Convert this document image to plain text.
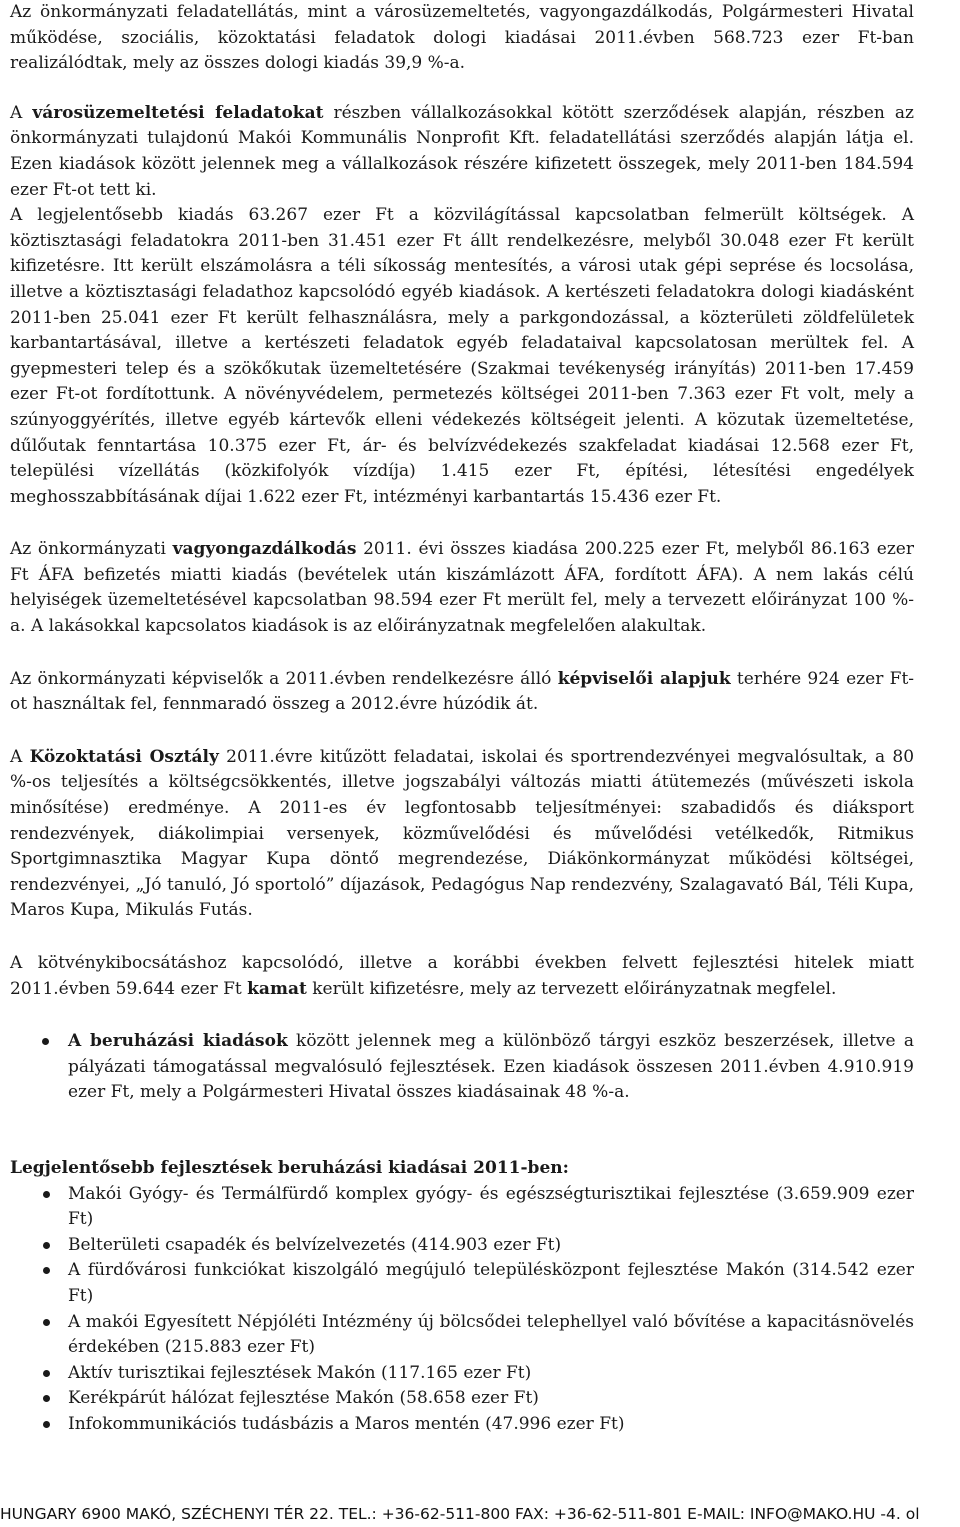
Az önkormányzati feladatellátás, mint a városüzemeltetés, vagyongazdálkodás, Polgármesteri Hivatal működése, szociális, közoktatási feladatok dologi kiadásai 2011.évben 568.723 ezer Ft-ban realizálódtak, mely az összes dologi kiadás 39,9 %-a.

A városüzemeltetési feladatokat részben vállalkozásokkal kötött szerződések alapján, részben az önkormányzati tulajdonú Makói Kommunális Nonprofit Kft. feladatellátási szerződés alapján látja el. Ezen kiadások között jelennek meg a vállalkozások részére kifizetett összegek, mely 2011-ben 184.594 ezer Ft-ot tett ki.

A legjelentősebb kiadás 63.267 ezer Ft a közvilágítással kapcsolatban felmerült költségek. A köztisztasági feladatokra 2011-ben 31.451 ezer Ft állt rendelkezésre, melyből 30.048 ezer Ft került kifizetésre. Itt került elszámolásra a téli síkosság mentesítés, a városi utak gépi seprése és locsolása, illetve a köztisztasági feladathoz kapcsolódó egyéb kiadások. A kertészeti feladatokra dologi kiadásként 2011-ben 25.041 ezer Ft került felhasználásra, mely a parkgondozással, a közterületi zöldfelületek karbantartásával, illetve a kertészeti feladatok egyéb feladataival kapcsolatosan merültek fel. A gyepmesteri telep és a szökőkutak üzemeltetésére (Szakmai tevékenység irányítás) 2011-ben 17.459 ezer Ft-ot fordítottunk. A növényvédelem, permetezés költségei 2011-ben 7.363 ezer Ft volt, mely a szúnyoggyérítés, illetve egyéb kártevők elleni védekezés költségeit jelenti. A közutak üzemeltetése, dűlőutak fenntartása 10.375 ezer Ft, ár- és belvízvédekezés szakfeladat kiadásai 12.568 ezer Ft, települési vízellátás (közkifolyók vízdíja) 1.415 ezer Ft, építési, létesítési engedélyek meghosszabbításának díjai 1.622 ezer Ft, intézményi karbantartás 15.436 ezer Ft.

Az önkormányzati vagyongazdálkodás 2011. évi összes kiadása 200.225 ezer Ft, melyből 86.163 ezer Ft ÁFA befizetés miatti kiadás (bevételek után kiszámlázott ÁFA, fordított ÁFA). A nem lakás célú helyiségek üzemeltetésével kapcsolatban 98.594 ezer Ft merült fel, mely a tervezett előirányzat 100 %-a. A lakásokkal kapcsolatos kiadások is az előirányzatnak megfelelően alakultak.

Az önkormányzati képviselők a 2011.évben rendelkezésre álló képviselői alapjuk terhére 924 ezer Ft-ot használtak fel, fennmaradó összeg a 2012.évre húzódik át.

A Közoktatási Osztály 2011.évre kitűzött feladatai, iskolai és sportrendezvényei megvalósultak, a 80 %-os teljesítés a költségcsökkentés, illetve jogszabályi változás miatti átütemezés (művészeti iskola minősítése) eredménye. A 2011-es év legfontosabb teljesítményei: szabadidős és diáksport rendezvények, diákolimpiai versenyek, közművelődési és művelődési vetélkedők, Ritmikus Sportgimnasztika Magyar Kupa döntő megrendezése, Diákönkormányzat működési költségei, rendezvényei, „Jó tanuló, Jó sportoló” díjazások, Pedagógus Nap rendezvény, Szalagavató Bál, Téli Kupa, Maros Kupa, Mikulás Futás.

A kötvénykibocsátáshoz kapcsolódó, illetve a korábbi években felvett fejlesztési hitelek miatt 2011.évben 59.644 ezer Ft kamat került kifizetésre, mely az tervezett előirányzatnak megfelel.

A beruházási kiadások között jelennek meg a különböző tárgyi eszköz beszerzések, illetve a pályázati támogatással megvalósuló fejlesztések. Ezen kiadások összesen 2011.évben 4.910.919 ezer Ft, mely a Polgármesteri Hivatal összes kiadásainak 48 %-a.

Legjelentősebb fejlesztések beruházási kiadásai 2011-ben:

Makói Gyógy- és Termálfürdő komplex gyógy- és egészségturisztikai fejlesztése (3.659.909 ezer Ft)
Belterületi csapadék és belvízelvezetés (414.903 ezer Ft)
A fürdővárosi funkciókat kiszolgáló megújuló településközpont fejlesztése Makón (314.542 ezer Ft)
A makói Egyesített Népjóléti Intézmény új bölcsődei telephellyel való bővítése a kapacitásnövelés érdekében (215.883 ezer Ft)
Aktív turisztikai fejlesztések Makón (117.165 ezer Ft)
Kerékpárút hálózat fejlesztése Makón (58.658 ezer Ft)
Infokommunikációs tudásbázis a Maros mentén (47.996 ezer Ft)
HUNGARY 6900 MAKÓ, SZÉCHENYI TÉR 22. TEL.: +36-62-511-800 FAX: +36-62-511-801 E-MAIL: INFO@MAKO.HU -4. ol
